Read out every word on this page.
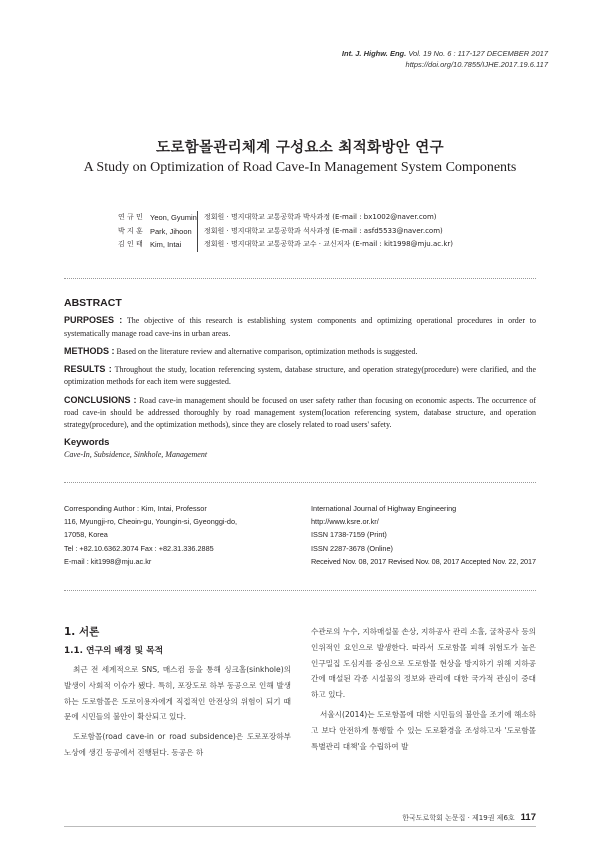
Int. J. Highw. Eng. Vol. 19 No. 6 : 117-127 DECEMBER 2017
https://doi.org/10.7855/IJHE.2017.19.6.117
도로함몰관리체계 구성요소 최적화방안 연구
A Study on Optimization of Road Cave-In Management System Components
연 규 민 Yeon, Gyumin	정회원 · 명지대학교 교통공학과 박사과정 (E-mail : bx1002@naver.com)
박 지 훈 Park, Jihoon	정회원 · 명지대학교 교통공학과 석사과정 (E-mail : asfd5533@naver.com)
김 인 태 Kim, Intai	정회원 · 명지대학교 교통공학과 교수 · 교신저자 (E-mail : kit1998@mju.ac.kr)
ABSTRACT

PURPOSES : The objective of this research is establishing system components and optimizing operational procedures in order to systematically manage road cave-ins in urban areas.

METHODS : Based on the literature review and alternative comparison, optimization methods is suggested.

RESULTS : Throughout the study, location referencing system, database structure, and operation strategy(procedure) were clarified, and the optimization methods for each item were suggested.

CONCLUSIONS : Road cave-in management should be focused on user safety rather than focusing on economic aspects. The occurrence of road cave-in should be addressed thoroughly by road management system(location referencing system, database structure, and operation strategy(procedure), and the optimization methods), since they are closely related to road users' safety.

Keywords
Cave-In, Subsidence, Sinkhole, Management
Corresponding Author : Kim, Intai, Professor
116, Myungji-ro, Cheoin-gu, Youngin-si, Gyeonggi-do,
17058, Korea
Tel : +82.10.6362.3074 Fax : +82.31.336.2885
E-mail : kit1998@mju.ac.kr
International Journal of Highway Engineering
http://www.ksre.or.kr/
ISSN 1738-7159 (Print)
ISSN 2287-3678 (Online)
Received Nov. 08, 2017 Revised Nov. 08, 2017 Accepted Nov. 22, 2017
1. 서론
1.1. 연구의 배경 및 목적

최근 전 세계적으로 SNS, 매스컴 등을 통해 싱크홀(sinkhole)의 발생이 사회적 이슈가 됐다. 특히, 포장도로 하부 동공으로 인해 발생하는 도로함몰은 도로이용자에게 직접적인 안전상의 위험이 되기 때문에 시민들의 불안이 확산되고 있다.

도로함몰(road cave-in or road subsidence)은 도로포장하부 노상에 생긴 동공에서 진행된다. 동공은 하

수관로의 누수, 지하매설물 손상, 지하공사 관리 소홀, 굴착공사 등의 인위적인 요인으로 발생한다. 따라서 도로함몰 피해 위험도가 높은 인구밀집 도심지를 중심으로 도로함몰 현상을 방지하기 위해 지하공간에 매설된 각종 시설물의 정보와 관리에 대한 국가적 관심이 증대하고 있다.

서울시(2014)는 도로함몰에 대한 시민들의 불안을 조기에 해소하고 보다 안전하게 통행할 수 있는 도로환경을 조성하고자 '도로함몰 특별관리 대책'을 수립하여 발

한국도로학회 논문집 · 제19권 제6호 117
